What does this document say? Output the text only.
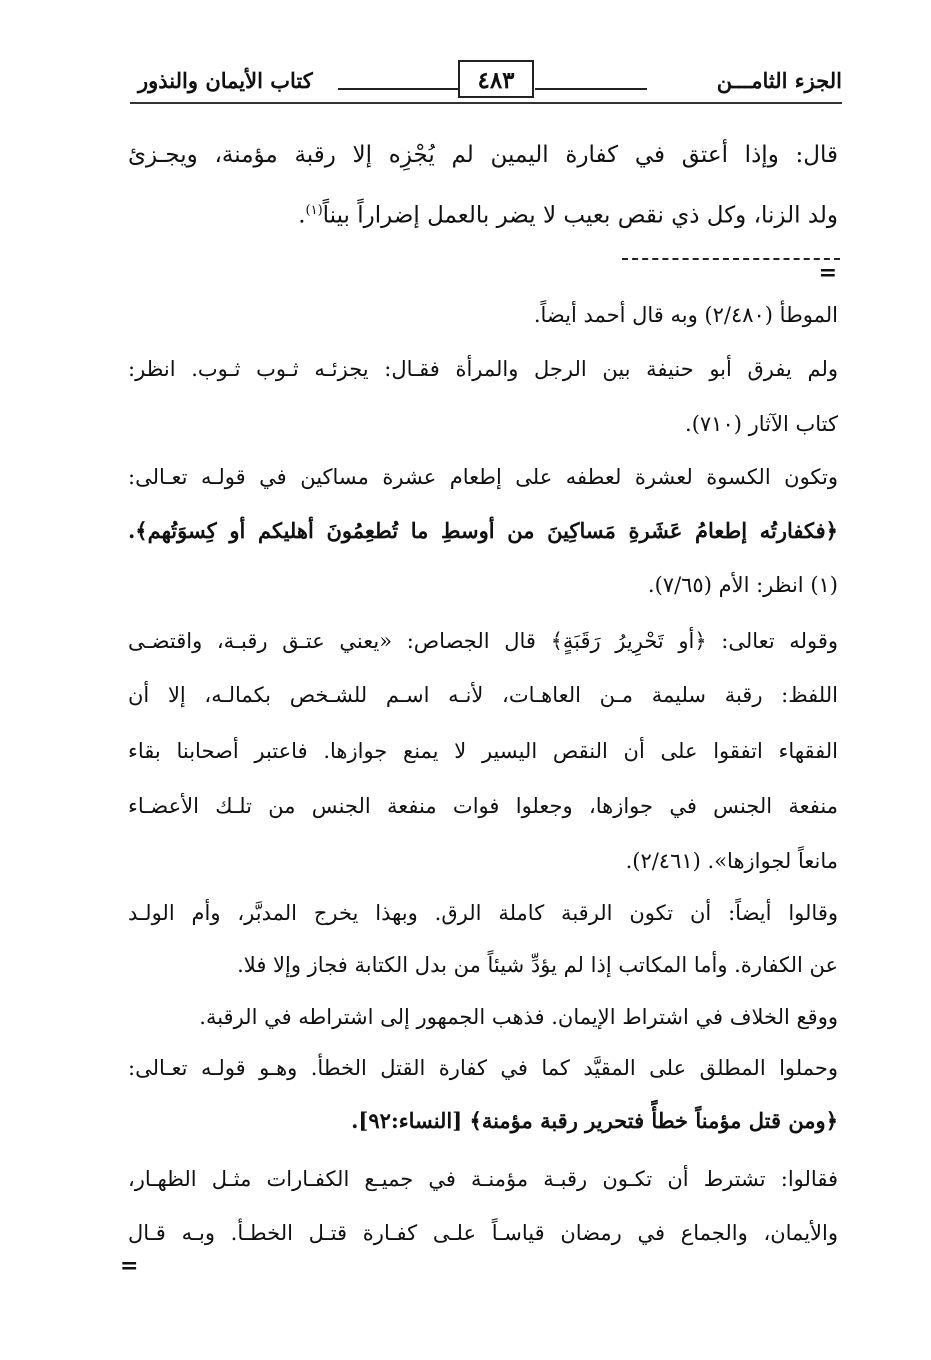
الجزء الثامـــن
٤٨٣
كتاب الأيمان والنذور
قال: وإذا أعتق في كفارة اليمين لم يُجْزِه إلا رقبة مؤمنة، ويجـزئ
ولد الزنا، وكل ذي نقص بعيب لا يضر بالعمل إضراراً بيناً$^{(١)}$.
=
الموطأ (٢/٤٨٠) وبه قال أحمد أيضاً.
ولم يفرق أبو حنيفة بين الرجل والمرأة فقـال: يجزئـه ثـوب ثـوب. انظر:
كتاب الآثار (٧١٠).
وتكون الكسوة لعشرة لعطفه على إطعام عشرة مساكين في قولـه تعـالى:
﴿فكفارتُه إطعامُ عَشَرةِ مَساكِينَ من أوسطِ ما تُطعِمُونَ أهليكم أو كِسوَتُهم﴾.
(١) انظر: الأم (٧/٦٥).
وقوله تعالى: ﴿أو تَحْرِيرُ رَقَبَةٍ﴾ قال الجصاص: «يعني عتـق رقبـة، واقتضـى
اللفظ: رقبة سليمة مـن العاهـات، لأنـه اسـم للشـخص بكمالـه، إلا أن
الفقهاء اتفقوا على أن النقص اليسير لا يمنع جوازها. فاعتبر أصحابنا بقاء
منفعة الجنس في جوازها، وجعلوا فوات منفعة الجنس من تلـك الأعضـاء
مانعاً لجوازها». (٢/٤٦١).
وقالوا أيضاً: أن تكون الرقبة كاملة الرق. وبهذا يخرج المدبَّر، وأم الولـد
عن الكفارة. وأما المكاتب إذا لم يؤدِّ شيئاً من بدل الكتابة فجاز وإلا فلا.
ووقع الخلاف في اشتراط الإيمان. فذهب الجمهور إلى اشتراطه في الرقبة.
وحملوا المطلق على المقيَّد كما في كفارة القتل الخطأ. وهـو قولـه تعـالى:
﴿ومن قتل مؤمناً خطأً فتحرير رقبة مؤمنة﴾ [النساء:٩٢].
فقالوا: تشترط أن تكـون رقبـة مؤمنـة في جميـع الكفـارات مثـل الظهـار،
والأيمان، والجماع في رمضان قياسـاً علـى كفـارة قتـل الخطـأ. وبـه قـال
=
